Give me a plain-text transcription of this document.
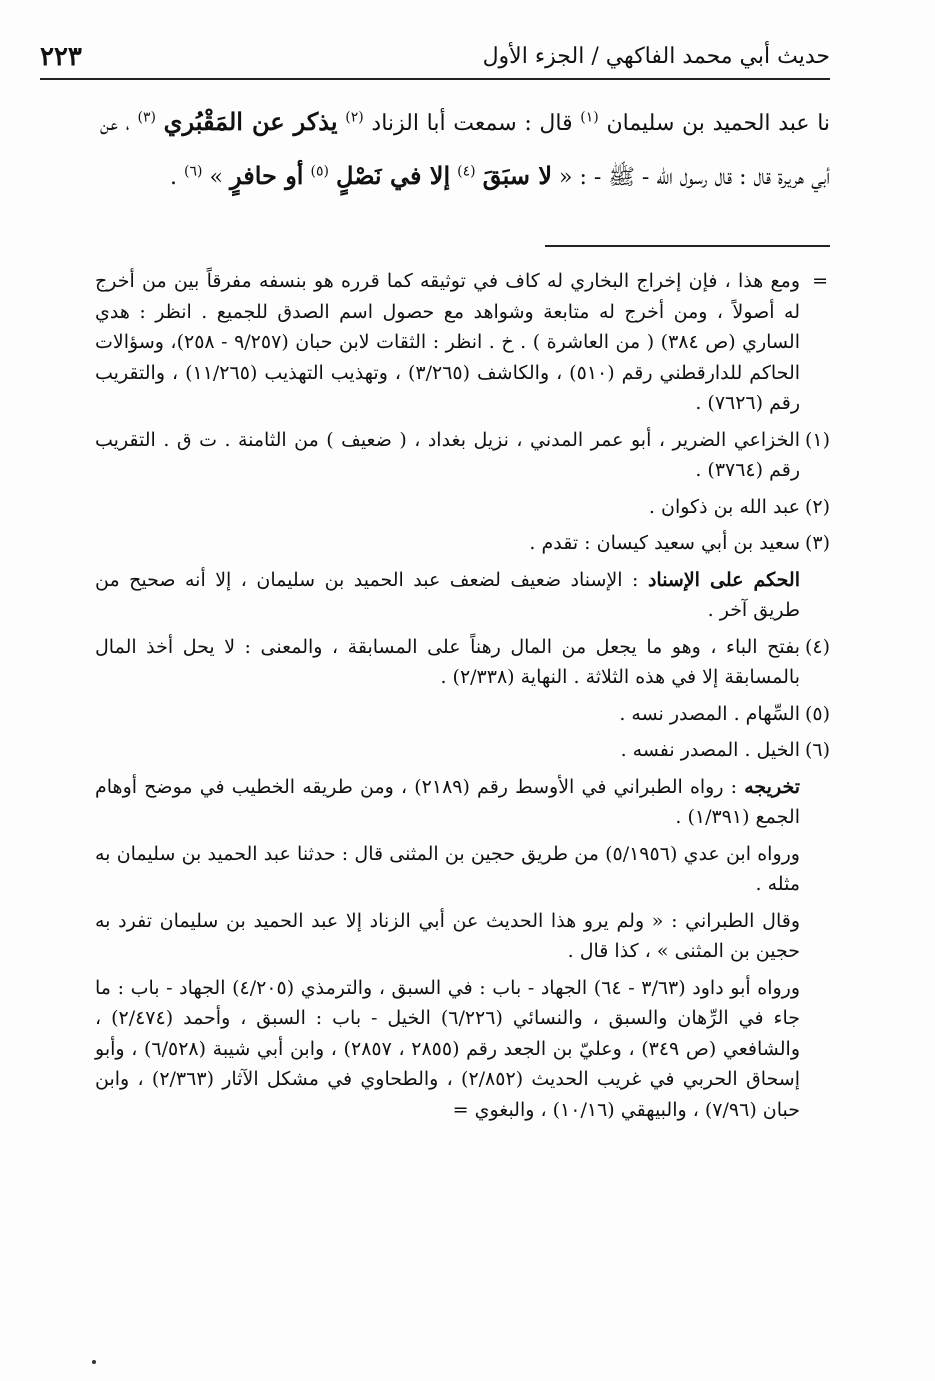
حديث أبي محمد الفاكهي / الجزء الأول
٢٢٣
نا عبد الحميد بن سليمان $^{(١)}$ قال : سمعت أبا الزناد $^{(٢)}$ يذكر عن المَقْبُري $^{(٣)}$ ، عن أبي هريرة قال : قال رسول الله - ﷺ - : « لا سبَقَ $^{(٤)}$ إلا في نَصْلٍ $^{(٥)}$ أو حافرٍ » $^{(٦)}$ .
=
ومع هذا ، فإن إخراج البخاري له كاف في توثيقه كما قرره هو بنسفه مفرقاً بين من أخرج له أصولاً ، ومن أخرج له متابعة وشواهد مع حصول اسم الصدق للجميع . انظر : هدي الساري (ص ٣٨٤) ( من العاشرة ) . خ . انظر : الثقات لابن حبان (٩/٢٥٧ - ٢٥٨)، وسؤالات الحاكم للدارقطني رقم (٥١٠) ، والكاشف (٣/٢٦٥) ، وتهذيب التهذيب (١١/٢٦٥) ، والتقريب رقم (٧٦٢٦) .
(١)
الخزاعي الضرير ، أبو عمر المدني ، نزيل بغداد ، ( ضعيف ) من الثامنة . ت ق . التقريب رقم (٣٧٦٤) .
(٢)
عبد الله بن ذكوان .
(٣)
سعيد بن أبي سعيد كيسان : تقدم .
الحكم على الإسناد : الإسناد ضعيف لضعف عبد الحميد بن سليمان ، إلا أنه صحيح من طريق آخر .
(٤)
بفتح الباء ، وهو ما يجعل من المال رهناً على المسابقة ، والمعنى : لا يحل أخذ المال بالمسابقة إلا في هذه الثلاثة . النهاية (٢/٣٣٨) .
(٥)
السِّهام . المصدر نسه .
(٦)
الخيل . المصدر نفسه .
تخريجه : رواه الطبراني في الأوسط رقم (٢١٨٩) ، ومن طريقه الخطيب في موضح أوهام الجمع (١/٣٩١) .
ورواه ابن عدي (٥/١٩٥٦) من طريق حجين بن المثنى قال : حدثنا عبد الحميد بن سليمان به مثله .
وقال الطبراني : « ولم يرو هذا الحديث عن أبي الزناد إلا عبد الحميد بن سليمان تفرد به حجين بن المثنى » ، كذا قال .
ورواه أبو داود (٣/٦٣ - ٦٤) الجهاد - باب : في السبق ، والترمذي (٤/٢٠٥) الجهاد - باب : ما جاء في الرِّهان والسبق ، والنسائي (٦/٢٢٦) الخيل - باب : السبق ، وأحمد (٢/٤٧٤) ، والشافعي (ص ٣٤٩) ، وعليّ بن الجعد رقم (٢٨٥٥ ، ٢٨٥٧) ، وابن أبي شيبة (٦/٥٢٨) ، وأبو إسحاق الحربي في غريب الحديث (٢/٨٥٢) ، والطحاوي في مشكل الآثار (٢/٣٦٣) ، وابن حبان (٧/٩٦) ، والبيهقي (١٠/١٦) ، والبغوي =
